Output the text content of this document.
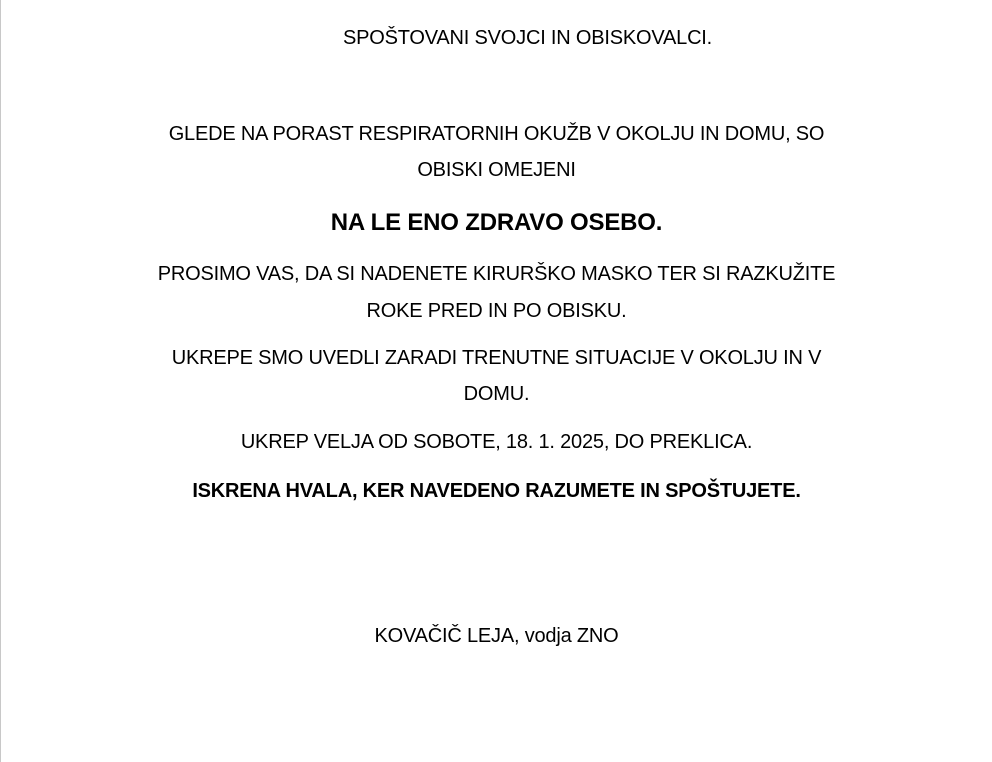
SPOŠTOVANI SVOJCI IN OBISKOVALCI.
GLEDE NA PORAST RESPIRATORNIH OKUŽB V OKOLJU IN DOMU, SO
OBISKI OMEJENI
NA LE ENO ZDRAVO OSEBO.
PROSIMO VAS, DA SI NADENETE KIRURŠKO MASKO TER SI RAZKUŽITE
ROKE PRED IN PO OBISKU.
UKREPE SMO UVEDLI ZARADI TRENUTNE SITUACIJE V OKOLJU IN V
DOMU.
UKREP VELJA OD SOBOTE, 18. 1. 2025, DO PREKLICA.
ISKRENA HVALA, KER NAVEDENO RAZUMETE IN SPOŠTUJETE.
KOVAČIČ LEJA, vodja ZNO
